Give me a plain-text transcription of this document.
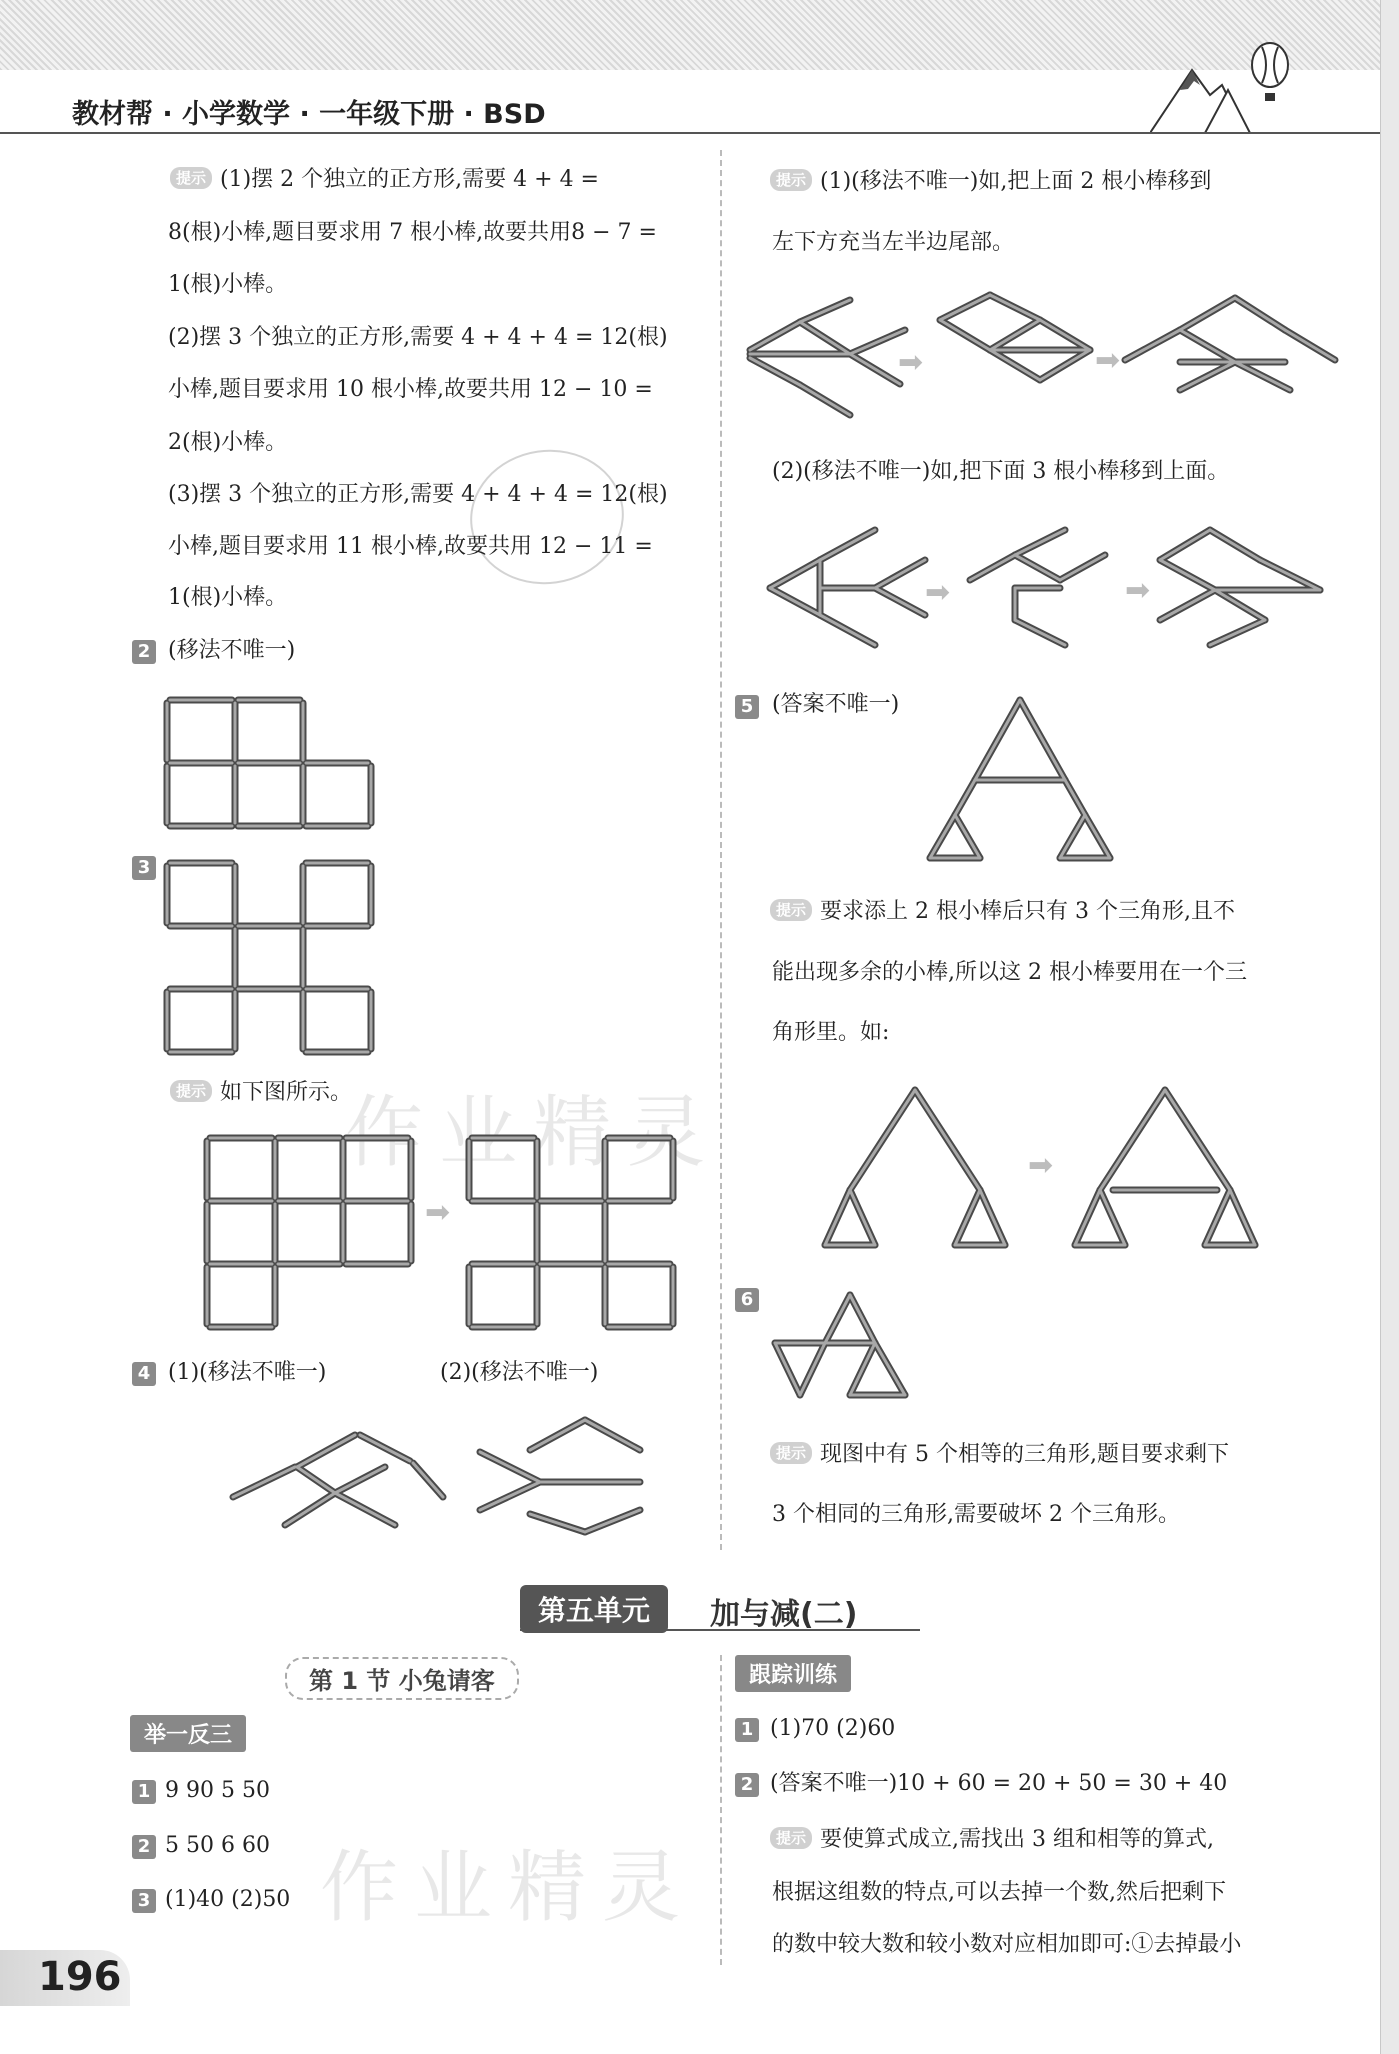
教材帮 · 小学数学 · 一年级下册 · BSD
作业精灵
作业精灵
提示 (1)摆 2 个独立的正方形,需要 4 + 4 =
8(根)小棒,题目要求用 7 根小棒,故要共用8 − 7 =
1(根)小棒。
(2)摆 3 个独立的正方形,需要 4 + 4 + 4 = 12(根)
小棒,题目要求用 10 根小棒,故要共用 12 − 10 =
2(根)小棒。
(3)摆 3 个独立的正方形,需要 4 + 4 + 4 = 12(根)
小棒,题目要求用 11 根小棒,故要共用 12 − 11 =
1(根)小棒。
2 (移法不唯一)
3
提示 如下图所示。
➡
4 (1)(移法不唯一)	(2)(移法不唯一)
提示 (1)(移法不唯一)如,把上面 2 根小棒移到
左下方充当左半边尾部。
➡	➡
(2)(移法不唯一)如,把下面 3 根小棒移到上面。
➡	➡
5 (答案不唯一)
提示 要求添上 2 根小棒后只有 3 个三角形,且不
能出现多余的小棒,所以这 2 根小棒要用在一个三
角形里。如:
➡
6
提示 现图中有 5 个相等的三角形,题目要求剩下
3 个相同的三角形,需要破坏 2 个三角形。
第五单元	加与减(二)
第 1 节 小兔请客
举一反三
1 9 90 5 50
2 5 50 6 60
3 (1)40 (2)50
跟踪训练
1 (1)70 (2)60
2 (答案不唯一)10 + 60 = 20 + 50 = 30 + 40
提示 要使算式成立,需找出 3 组和相等的算式,
根据这组数的特点,可以去掉一个数,然后把剩下
的数中较大数和较小数对应相加即可:①去掉最小
196
